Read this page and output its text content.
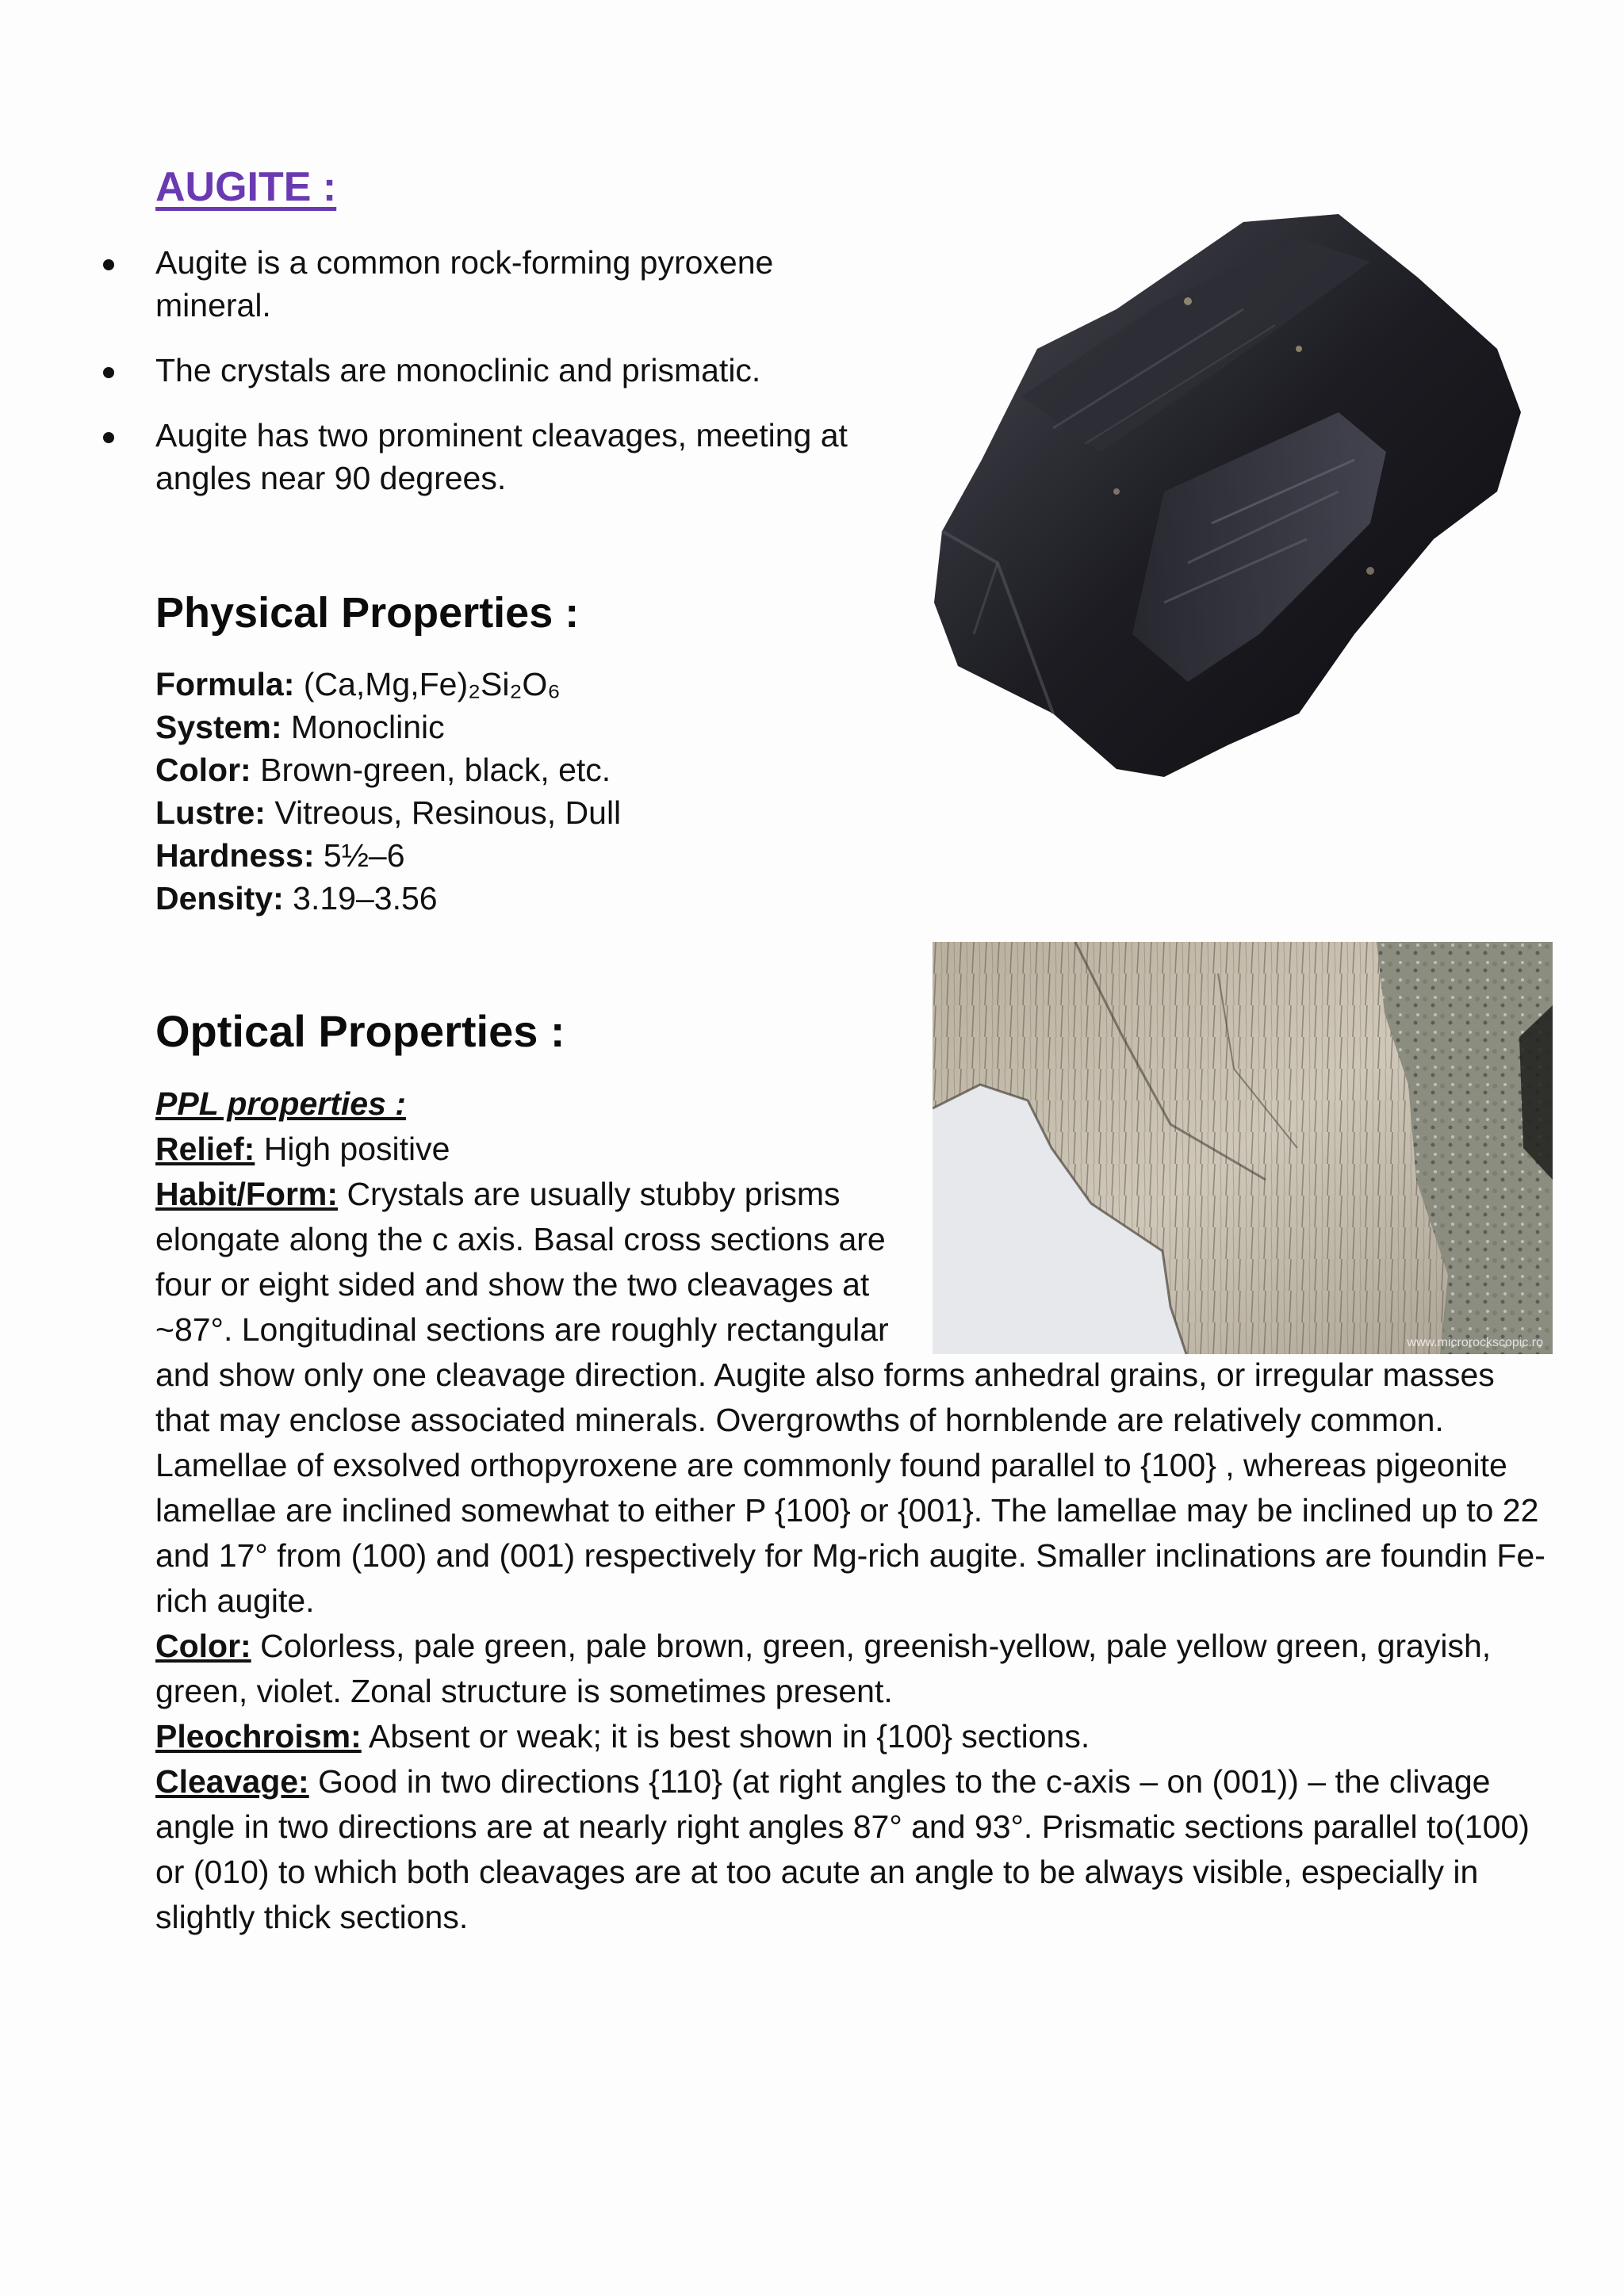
AUGITE :
Augite is a common rock-forming pyroxene mineral.
The crystals are monoclinic and prismatic.
Augite has two prominent cleavages, meeting at angles near 90 degrees.
Physical Properties :
Formula: (Ca,Mg,Fe)₂Si₂O₆
System: Monoclinic
Color: Brown-green, black, etc.
Lustre: Vitreous, Resinous, Dull
Hardness: 5½–6
Density: 3.19–3.56
Optical Properties :

PPL properties :

Relief: High positive

Habit/Form: Crystals are usually stubby prisms elongate along the c axis. Basal cross sections are four or eight sided and show the two cleavages at ~87°. Longitudinal sections are roughly rectangular and show only one cleavage direction. Augite also forms anhedral grains, or irregular masses that may enclose associated minerals. Overgrowths of hornblende are relatively common. Lamellae of exsolved orthopyroxene are commonly found parallel to {100} , whereas pigeonite lamellae are inclined somewhat to either P {100} or {001}. The lamellae may be inclined up to 22 and 17° from (100) and (001) respectively for Mg-rich augite. Smaller inclinations are foundin Fe-rich augite.

Color: Colorless, pale green, pale brown, green, greenish-yellow, pale yellow green, grayish, green, violet. Zonal structure is sometimes present.

Pleochroism: Absent or weak; it is best shown in {100} sections.

Cleavage: Good in two directions {110} (at right angles to the c-axis – on (001)) – the clivage angle in two directions are at nearly right angles 87° and 93°. Prismatic sections parallel to(100) or (010) to which both cleavages are at too acute an angle to be always visible, especially in slightly thick sections.

www.microrockscopic.ro
